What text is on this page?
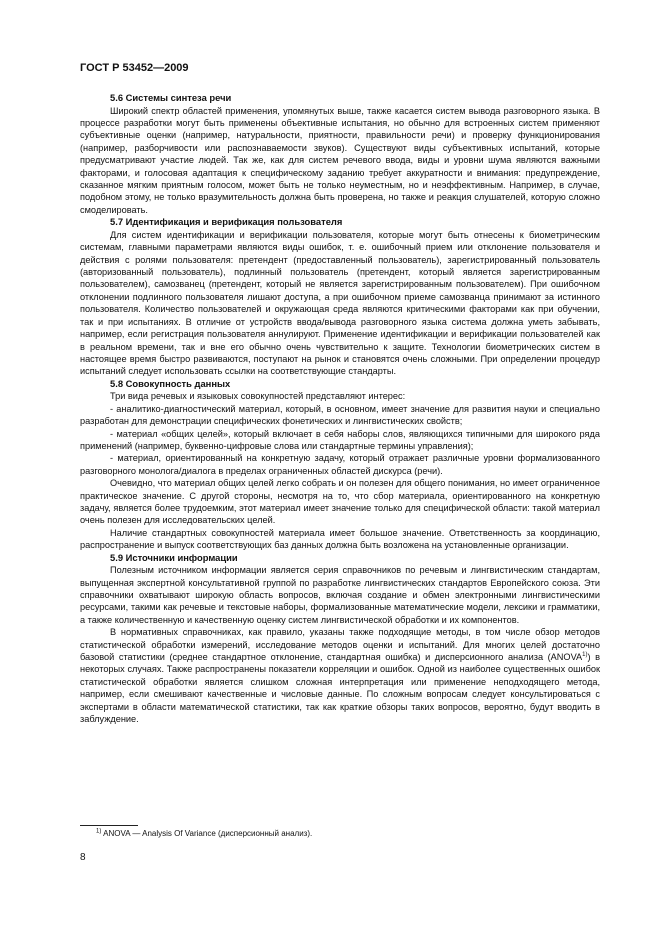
ГОСТ Р 53452—2009
5.6 Системы синтеза речи

Широкий спектр областей применения, упомянутых выше, также касается систем вывода разговорного языка. В процессе разработки могут быть применены объективные испытания, но обычно для встроенных систем применяют субъективные оценки (например, натуральности, приятности, правильности речи) и проверку функционирования (например, разборчивости или распознаваемости звуков). Существуют виды субъективных испытаний, которые предусматривают участие людей. Так же, как для систем речевого ввода, виды и уровни шума являются важными факторами, и голосовая адаптация к специфическому заданию требует аккуратности и внимания: предупреждение, сказанное мягким приятным голосом, может быть не только неуместным, но и неэффективным. Например, в случае, подобном этому, не только вразумительность должна быть проверена, но также и реакция слушателей, которую сложно смоделировать.

5.7 Идентификация и верификация пользователя

Для систем идентификации и верификации пользователя, которые могут быть отнесены к биометрическим системам, главными параметрами являются виды ошибок, т. е. ошибочный прием или отклонение пользователя и действия с ролями пользователя: претендент (предоставленный пользователь), зарегистрированный пользователь (авторизованный пользователь), подлинный пользователь (претендент, который является зарегистрированным пользователем), самозванец (претендент, который не является зарегистрированным пользователем). При ошибочном отклонении подлинного пользователя лишают доступа, а при ошибочном приеме самозванца принимают за истинного пользователя. Количество пользователей и окружающая среда являются критическими факторами как при обучении, так и при испытаниях. В отличие от устройств ввода/вывода разговорного языка система должна уметь забывать, например, если регистрация пользователя аннулируют. Применение идентификации и верификации пользователей как в реальном времени, так и вне его обычно очень чувствительно к защите. Технологии биометрических систем в настоящее время быстро развиваются, поступают на рынок и становятся очень сложными. При определении процедур испытаний следует использовать ссылки на соответствующие стандарты.

5.8 Совокупность данных

Три вида речевых и языковых совокупностей представляют интерес:

- аналитико-диагностический материал, который, в основном, имеет значение для развития науки и специально разработан для демонстрации специфических фонетических и лингвистических свойств;

- материал «общих целей», который включает в себя наборы слов, являющихся типичными для широкого ряда применений (например, буквенно-цифровые слова или стандартные термины управления);

- материал, ориентированный на конкретную задачу, который отражает различные уровни формализованного разговорного монолога/диалога в пределах ограниченных областей дискурса (речи).

Очевидно, что материал общих целей легко собрать и он полезен для общего понимания, но имеет ограниченное практическое значение. С другой стороны, несмотря на то, что сбор материала, ориентированного на конкретную задачу, является более трудоемким, этот материал имеет значение только для специфической области: такой материал очень полезен для исследовательских целей.

Наличие стандартных совокупностей материала имеет большое значение. Ответственность за координацию, распространение и выпуск соответствующих баз данных должна быть возложена на установленные организации.

5.9 Источники информации

Полезным источником информации является серия справочников по речевым и лингвистическим стандартам, выпущенная экспертной консультативной группой по разработке лингвистических стандартов Европейского союза. Эти справочники охватывают широкую область вопросов, включая создание и обмен электронными лингвистическими ресурсами, такими как речевые и текстовые наборы, формализованные математические модели, лексики и грамматики, а также количественную и качественную оценку систем лингвистической обработки и их компонентов.

В нормативных справочниках, как правило, указаны также подходящие методы, в том числе обзор методов статистической обработки измерений, исследование методов оценки и испытаний. Для многих целей достаточно базовой статистики (среднее стандартное отклонение, стандартная ошибка) и дисперсионного анализа (ANOVA$^{1)}$) в некоторых случаях. Также распространены показатели корреляции и ошибок. Одной из наиболее существенных ошибок статистической обработки является слишком сложная интерпретация или применение неподходящего метода, например, если смешивают качественные и числовые данные. По сложным вопросам следует консультироваться с экспертами в области математической статистики, так как краткие обзоры таких вопросов, вероятно, будут вводить в заблуждение.

$^{1)}$ ANOVA — Analysis Of Variance (дисперсионный анализ).
8
